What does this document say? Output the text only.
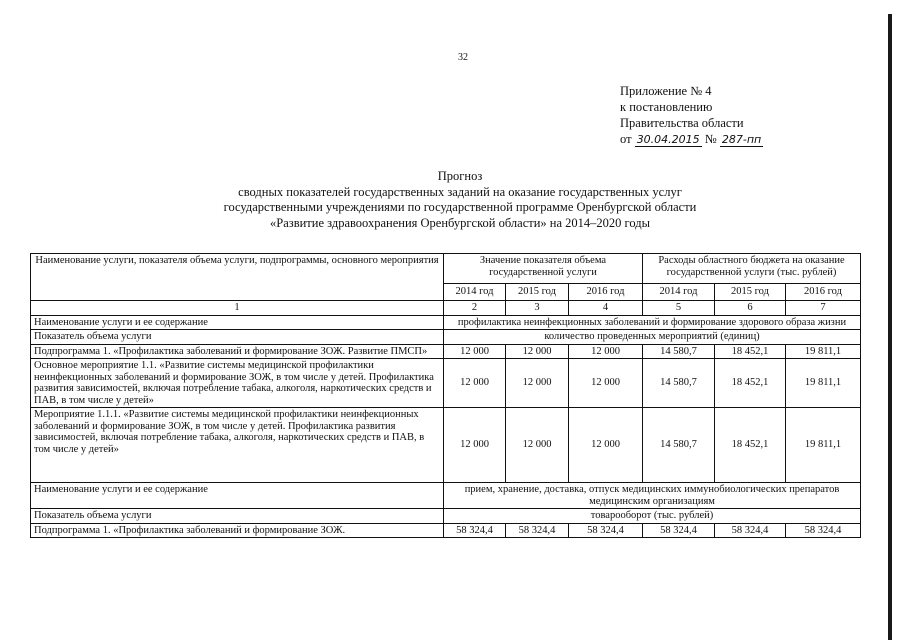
32
Приложение № 4
к постановлению
Правительства области
от 30.04.2015 № 287-пп
Прогноз
сводных показателей государственных заданий на оказание государственных услуг
государственными учреждениями по государственной программе Оренбургской области
«Развитие здравоохранения Оренбургской области» на 2014–2020 годы
Наименование услуги, показателя объема услуги, подпрограммы, основного мероприятия	Значение показателя объема государственной услуги			Расходы областного бюджета на оказание государственной услуги (тыс. рублей)		
	2014 год	2015 год	2016 год	2014 год	2015 год	2016 год
1	2	3	4	5	6	7
Наименование услуги и ее содержание	профилактика неинфекционных заболеваний и формирование здорового образа жизни					
Показатель объема услуги	количество проведенных мероприятий (единиц)					
Подпрограмма 1. «Профилактика заболеваний и формирование ЗОЖ. Развитие ПМСП»	12 000	12 000	12 000	14 580,7	18 452,1	19 811,1
Основное мероприятие 1.1. «Развитие системы медицинской профилактики неинфекционных заболеваний и формирование ЗОЖ, в том числе у детей. Профилактика развития зависимостей, включая потребление табака, алкоголя, наркотических средств и ПАВ, в том числе у детей»	12 000	12 000	12 000	14 580,7	18 452,1	19 811,1
Мероприятие 1.1.1. «Развитие системы медицинской профилактики неинфекционных заболеваний и формирование ЗОЖ, в том числе у детей. Профилактика развития зависимостей, включая потребление табака, алкоголя, наркотических средств и ПАВ, в том числе у детей»	12 000	12 000	12 000	14 580,7	18 452,1	19 811,1
Наименование услуги и ее содержание	прием, хранение, доставка, отпуск медицинских иммунобиологических препаратов медицинским организациям					
Показатель объема услуги	товарооборот (тыс. рублей)					
Подпрограмма 1. «Профилактика заболеваний и формирование ЗОЖ.	58 324,4	58 324,4	58 324,4	58 324,4	58 324,4	58 324,4
